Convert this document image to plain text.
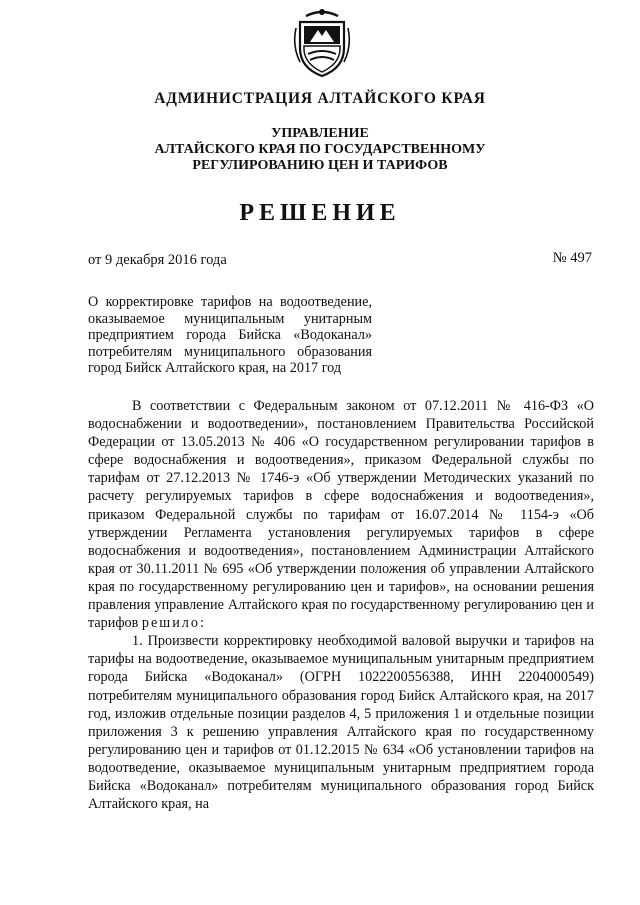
АДМИНИСТРАЦИЯ АЛТАЙСКОГО КРАЯ
УПРАВЛЕНИЕ
АЛТАЙСКОГО КРАЯ ПО ГОСУДАРСТВЕННОМУ
РЕГУЛИРОВАНИЮ ЦЕН И ТАРИФОВ
РЕШЕНИЕ
от 9 декабря 2016 года	№ 497
О корректировке тарифов на водоотведение, оказываемое муниципальным унитарным предприятием города Бийска «Водоканал» потребителям муниципального образования город Бийск Алтайского края, на 2017 год

В соответствии с Федеральным законом от 07.12.2011 № 416-ФЗ «О водоснабжении и водоотведении», постановлением Правительства Российской Федерации от 13.05.2013 № 406 «О государственном регулировании тарифов в сфере водоснабжения и водоотведения», приказом Федеральной службы по тарифам от 27.12.2013 № 1746-э «Об утверждении Методических указаний по расчету регулируемых тарифов в сфере водоснабжения и водоотведения», приказом Федеральной службы по тарифам от 16.07.2014 № 1154-э «Об утверждении Регламента установления регулируемых тарифов в сфере водоснабжения и водоотведения», постановлением Администрации Алтайского края от 30.11.2011 № 695 «Об утверждении положения об управлении Алтайского края по государственному регулированию цен и тарифов», на основании решения правления управление Алтайского края по государственному регулированию цен и тарифов решило:

1. Произвести корректировку необходимой валовой выручки и тарифов на тарифы на водоотведение, оказываемое муниципальным унитарным предприятием города Бийска «Водоканал» (ОГРН 1022200556388, ИНН 2204000549) потребителям муниципального образования город Бийск Алтайского края, на 2017 год, изложив отдельные позиции разделов 4, 5 приложения 1 и отдельные позиции приложения 3 к решению управления Алтайского края по государственному регулированию цен и тарифов от 01.12.2015 № 634 «Об установлении тарифов на водоотведение, оказываемое муниципальным унитарным предприятием города Бийска «Водоканал» потребителям муниципального образования город Бийск Алтайского края, на
